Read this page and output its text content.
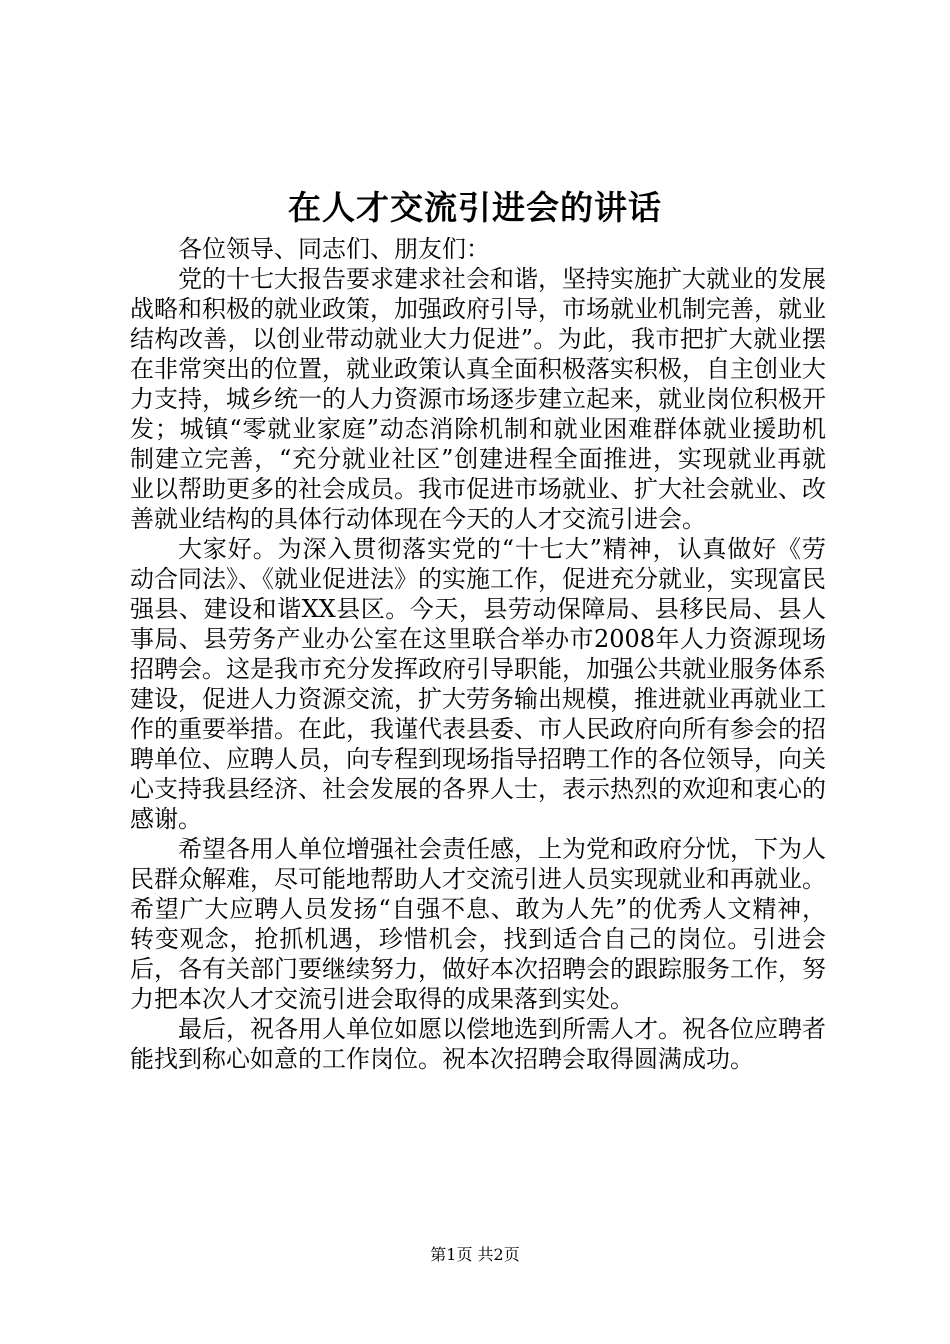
在人才交流引进会的讲话

各位领导、同志们、朋友们：

党的十七大报告要求建求社会和谐，坚持实施扩大就业的发展战略和积极的就业政策，加强政府引导，市场就业机制完善，就业结构改善，以创业带动就业大力促进”。为此，我市把扩大就业摆在非常突出的位置，就业政策认真全面积极落实积极，自主创业大力支持，城乡统一的人力资源市场逐步建立起来，就业岗位积极开发；城镇“零就业家庭”动态消除机制和就业困难群体就业援助机制建立完善，“充分就业社区”创建进程全面推进，实现就业再就业以帮助更多的社会成员。我市促进市场就业、扩大社会就业、改善就业结构的具体行动体现在今天的人才交流引进会。

大家好。为深入贯彻落实党的“十七大”精神，认真做好《劳动合同法》、《就业促进法》的实施工作，促进充分就业，实现富民强县、建设和谐XX县区。今天，县劳动保障局、县移民局、县人事局、县劳务产业办公室在这里联合举办市2008年人力资源现场招聘会。这是我市充分发挥政府引导职能，加强公共就业服务体系建设，促进人力资源交流，扩大劳务输出规模，推进就业再就业工作的重要举措。在此，我谨代表县委、市人民政府向所有参会的招聘单位、应聘人员，向专程到现场指导招聘工作的各位领导，向关心支持我县经济、社会发展的各界人士，表示热烈的欢迎和衷心的感谢。

希望各用人单位增强社会责任感，上为党和政府分忧，下为人民群众解难，尽可能地帮助人才交流引进人员实现就业和再就业。希望广大应聘人员发扬“自强不息、敢为人先”的优秀人文精神，转变观念，抢抓机遇，珍惜机会，找到适合自己的岗位。引进会后，各有关部门要继续努力，做好本次招聘会的跟踪服务工作，努力把本次人才交流引进会取得的成果落到实处。

最后，祝各用人单位如愿以偿地选到所需人才。祝各位应聘者能找到称心如意的工作岗位。祝本次招聘会取得圆满成功。

第1页 共2页
